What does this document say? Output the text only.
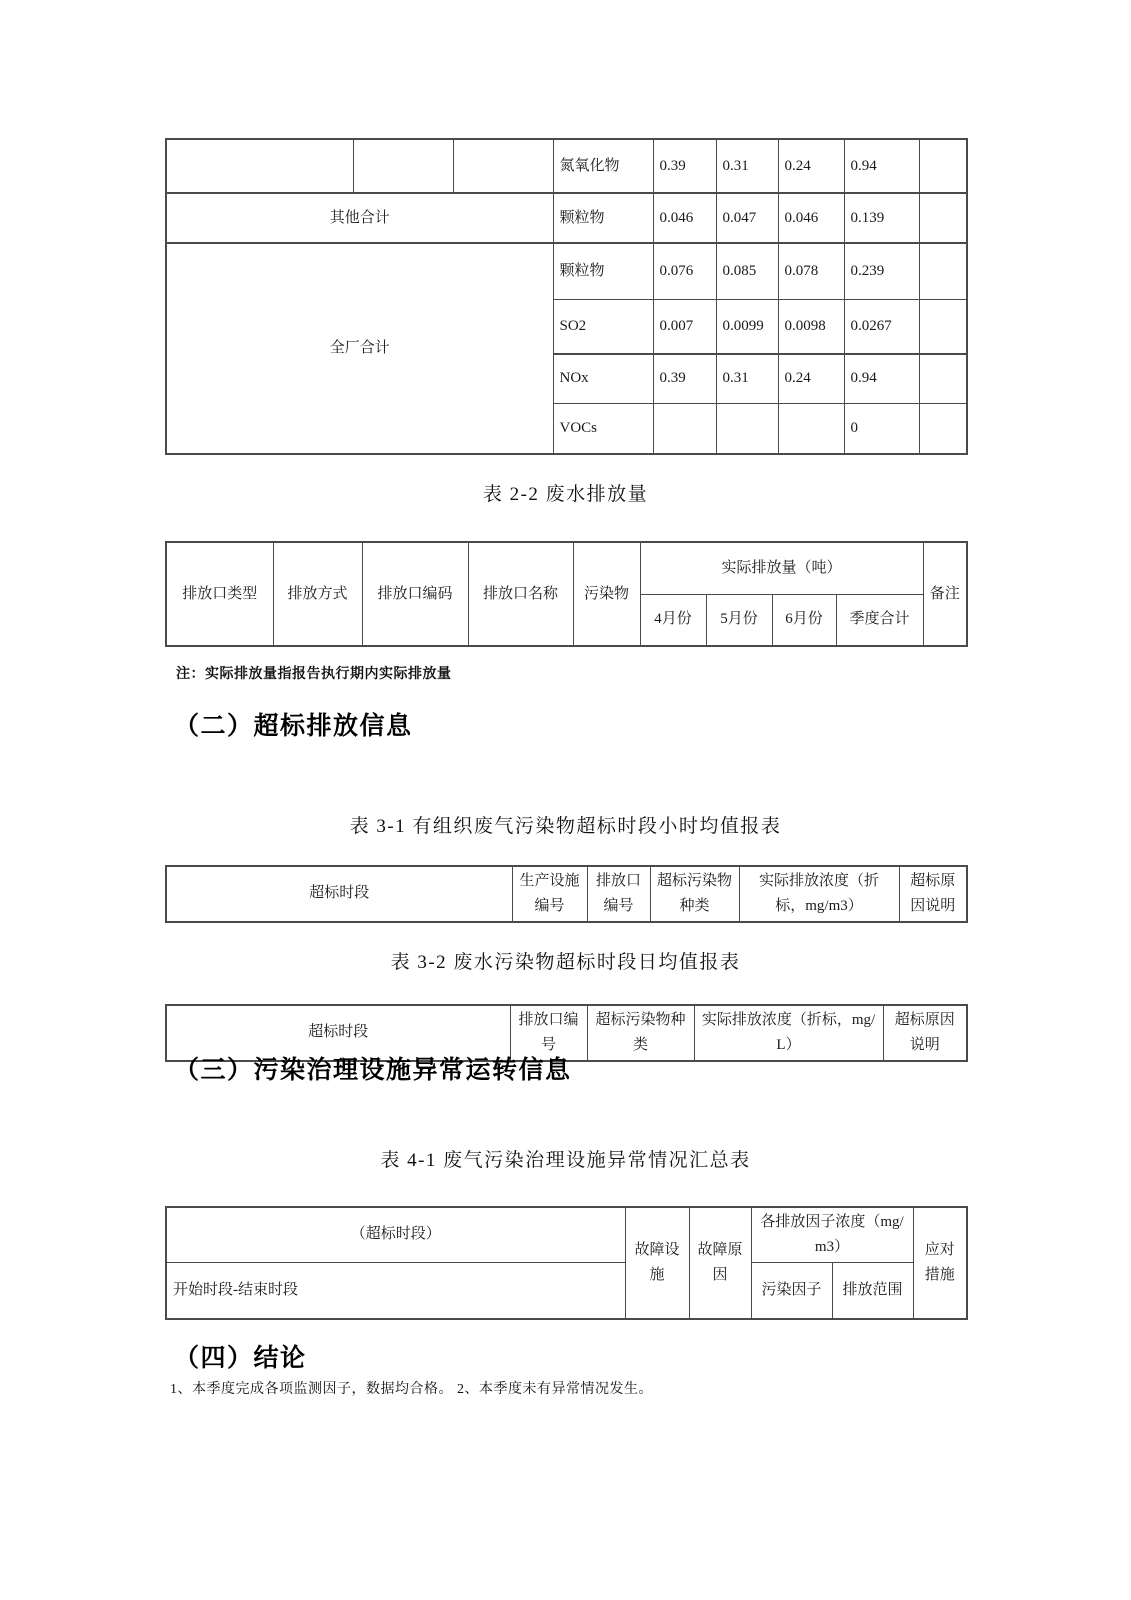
			氮氧化物	0.39	0.31	0.24	0.94	
其他合计			颗粒物	0.046	0.047	0.046	0.139	
全厂合计			颗粒物	0.076	0.085	0.078	0.239	
			SO2	0.007	0.0099	0.0098	0.0267	
			NOx	0.39	0.31	0.24	0.94	
			VOCs				0	
表 2-2 废水排放量
排放口类型	排放方式	排放口编码	排放口名称	污染物	实际排放量（吨）				备注
					4月份	5月份	6月份	季度合计	
注：实际排放量指报告执行期内实际排放量
（二）超标排放信息
表 3-1 有组织废气污染物超标时段小时均值报表
超标时段	生产设施编号	排放口编号	超标污染物种类	实际排放浓度（折标，mg/m3）	超标原因说明
表 3-2 废水污染物超标时段日均值报表
超标时段	排放口编号	超标污染物种类	实际排放浓度（折标，mg/L）	超标原因说明
（三）污染治理设施异常运转信息
表 4-1 废气污染治理设施异常情况汇总表
（超标时段）	故障设施	故障原因	各排放因子浓度（mg/m3）		应对措施
开始时段-结束时段			污染因子	排放范围	
（四）结论
1、本季度完成各项监测因子，数据均合格。 2、本季度未有异常情况发生。
